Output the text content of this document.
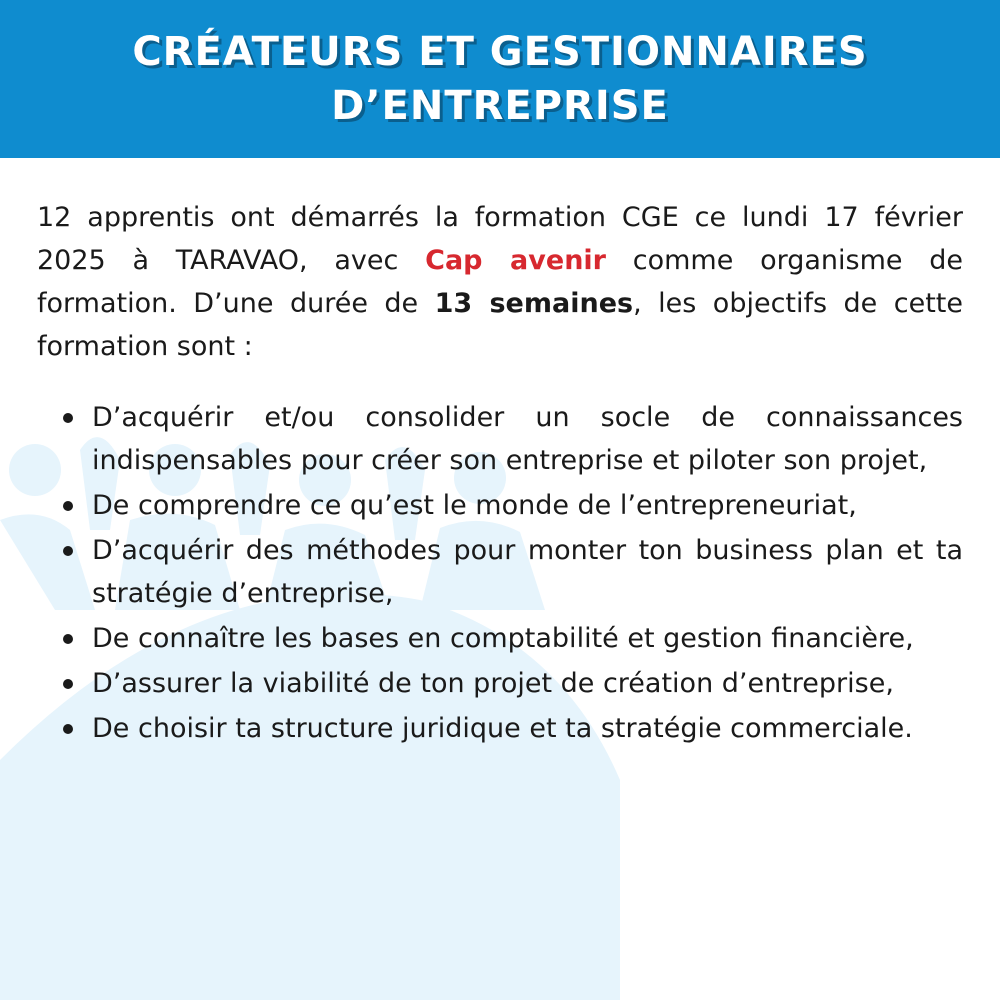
CRÉATEURS ET GESTIONNAIRES
D’ENTREPRISE

12 apprentis ont démarrés la formation CGE ce lundi 17 février 2025 à TARAVAO, avec Cap avenir comme organisme de formation. D’une durée de 13 semaines, les objectifs de cette formation sont :

D’acquérir et/ou consolider un socle de connaissances indispensables pour créer son entreprise et piloter son projet,
De comprendre ce qu’est le monde de l’entrepreneuriat,
D’acquérir des méthodes pour monter ton business plan et ta stratégie d’entreprise,
De connaître les bases en comptabilité et gestion financière,
D’assurer la viabilité de ton projet de création d’entreprise,
De choisir ta structure juridique et ta stratégie commerciale.
